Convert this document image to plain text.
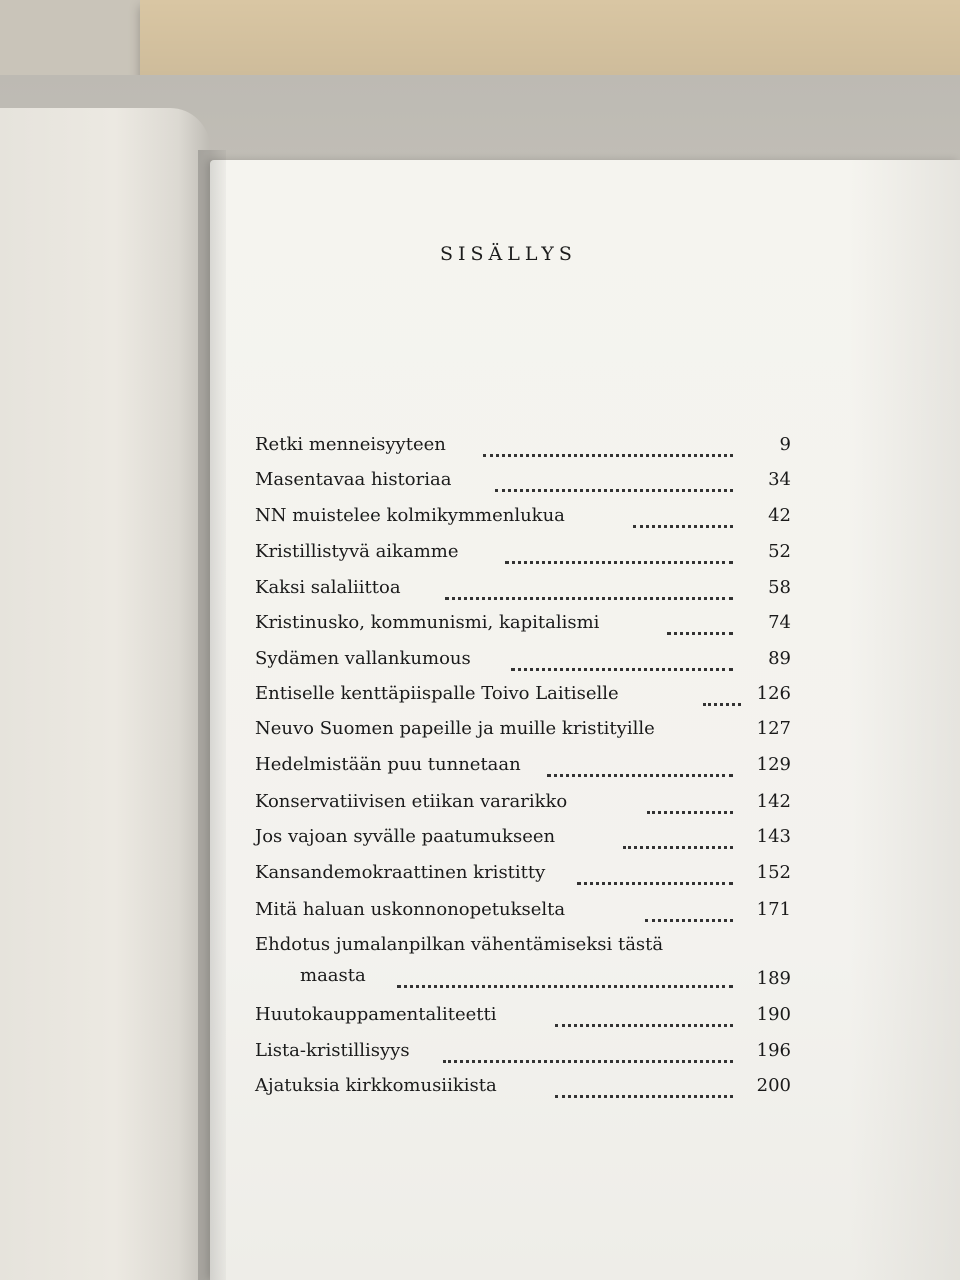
SISÄLLYS
Retki menneisyyteen	9
Masentavaa historiaa	34
NN muistelee kolmikymmenlukua	42
Kristillistyvä aikamme	52
Kaksi salaliittoa	58
Kristinusko, kommunismi, kapitalismi	74
Sydämen vallankumous	89
Entiselle kenttäpiispalle Toivo Laitiselle	126
Neuvo Suomen papeille ja muille kristityille	127
Hedelmistään puu tunnetaan	129
Konservatiivisen etiikan vararikko	142
Jos vajoan syvälle paatumukseen	143
Kansandemokraattinen kristitty	152
Mitä haluan uskonnonopetukselta	171
Ehdotus jumalanpilkan vähentämiseksi tästä
maasta	189
Huutokauppamentaliteetti	190
Lista-kristillisyys	196
Ajatuksia kirkkomusiikista	200
